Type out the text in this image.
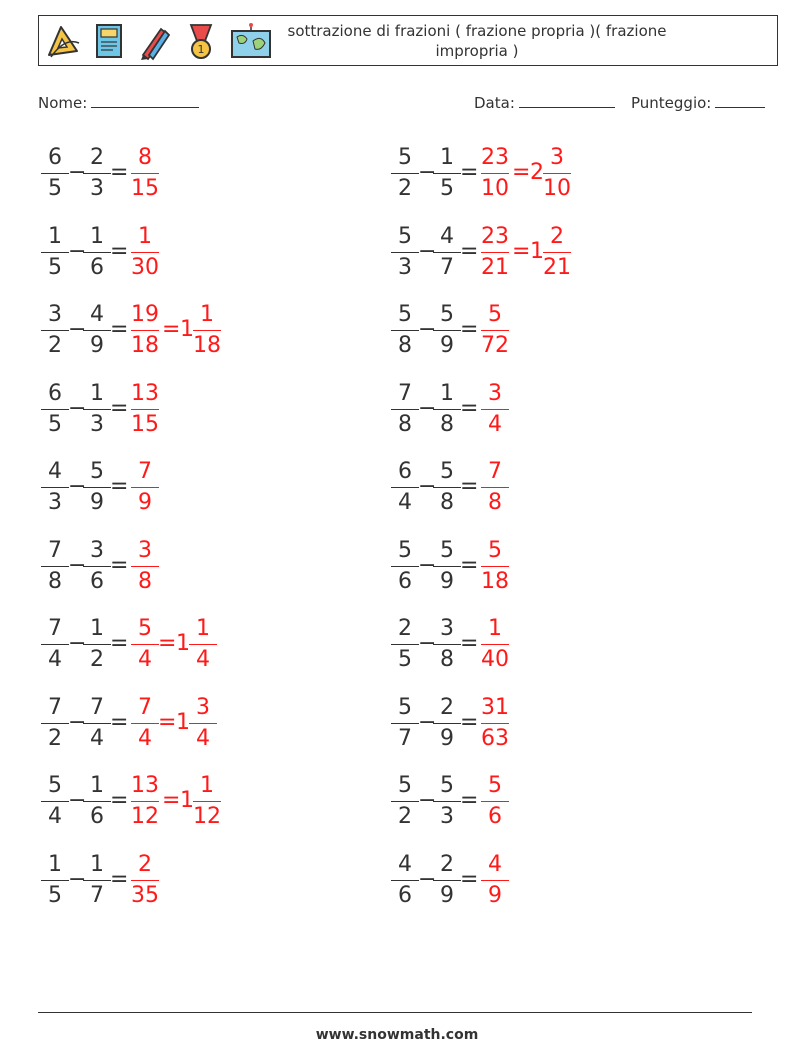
1
sottrazione di frazioni ( frazione propria )( frazione impropria )
Nome:	Data:	Punteggio:
6
5
−
2
3
=
8
15
1
5
−
1
6
=
1
30
3
2
−
4
9
=
19
18
= 1
1
18
6
5
−
1
3
=
13
15
4
3
−
5
9
=
7
9
7
8
−
3
6
=
3
8
7
4
−
1
2
=
5
4
= 1
1
4
7
2
−
7
4
=
7
4
= 1
3
4
5
4
−
1
6
=
13
12
= 1
1
12
1
5
−
1
7
=
2
35
5
2
−
1
5
=
23
10
= 2
3
10
5
3
−
4
7
=
23
21
= 1
2
21
5
8
−
5
9
=
5
72
7
8
−
1
8
=
3
4
6
4
−
5
8
=
7
8
5
6
−
5
9
=
5
18
2
5
−
3
8
=
1
40
5
7
−
2
9
=
31
63
5
2
−
5
3
=
5
6
4
6
−
2
9
=
4
9
www.snowmath.com
